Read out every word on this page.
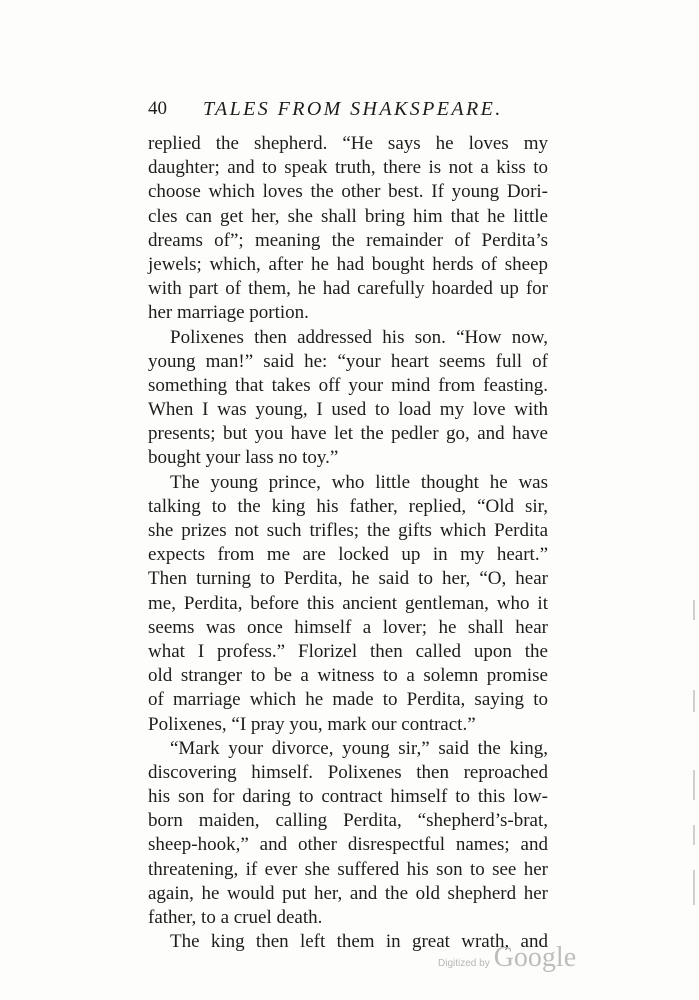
40 TALES FROM SHAKSPEARE.
replied the shepherd. “He says he loves my
daughter; and to speak truth, there is not a kiss to
choose which loves the other best. If young Dori-
cles can get her, she shall bring him that he little
dreams of”; meaning the remainder of Perdita’s
jewels; which, after he had bought herds of sheep
with part of them, he had carefully hoarded up for
her marriage portion.
Polixenes then addressed his son. “How now,
young man!” said he: “your heart seems full of
something that takes off your mind from feasting.
When I was young, I used to load my love with
presents; but you have let the pedler go, and have
bought your lass no toy.”
The young prince, who little thought he was
talking to the king his father, replied, “Old sir,
she prizes not such trifles; the gifts which Perdita
expects from me are locked up in my heart.”
Then turning to Perdita, he said to her, “O, hear
me, Perdita, before this ancient gentleman, who it
seems was once himself a lover; he shall hear
what I profess.” Florizel then called upon the
old stranger to be a witness to a solemn promise
of marriage which he made to Perdita, saying to
Polixenes, “I pray you, mark our contract.”
“Mark your divorce, young sir,” said the king,
discovering himself. Polixenes then reproached
his son for daring to contract himself to this low-
born maiden, calling Perdita, “shepherd’s-brat,
sheep-hook,” and other disrespectful names; and
threatening, if ever she suffered his son to see her
again, he would put her, and the old shepherd her
father, to a cruel death.
The king then left them in great wrath, and
Digitized by Google
